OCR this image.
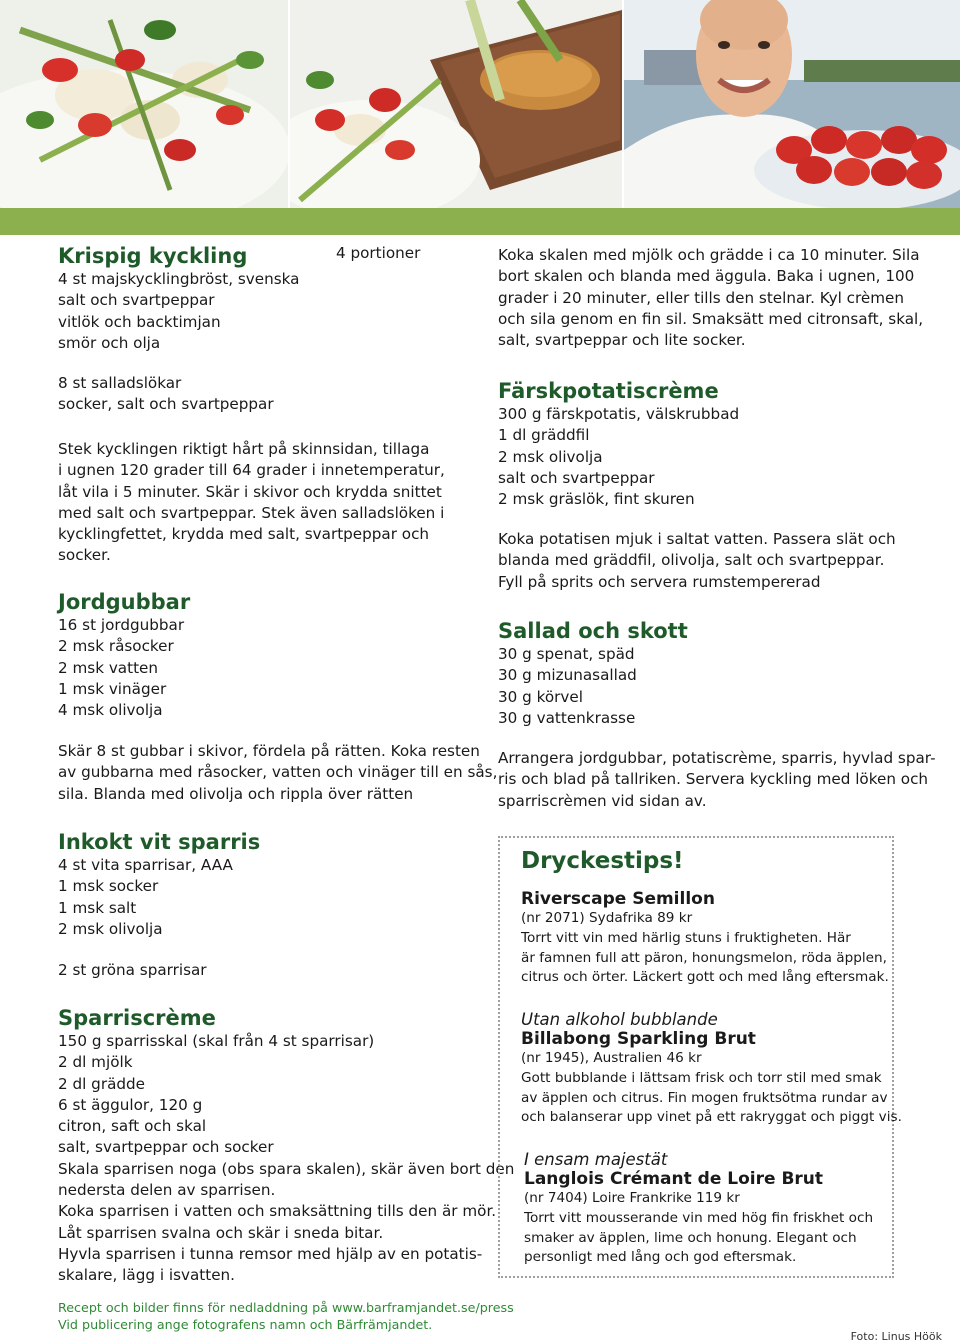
Krispig kyckling	4 portioner
4 st majskycklingbröst, svenska
salt och svartpeppar
vitlök och backtimjan
smör och olja
8 st salladslökar
socker, salt och svartpeppar
Stek kycklingen riktigt hårt på skinnsidan, tillaga
i ugnen 120 grader till 64 grader i innetemperatur,
låt vila i 5 minuter. Skär i skivor och krydda snittet
med salt och svartpeppar. Stek även salladslöken i
kycklingfettet, krydda med salt, svartpeppar och
socker.

Jordgubbar

16 st jordgubbar
2 msk råsocker
2 msk vatten
1 msk vinäger
4 msk olivolja
Skär 8 st gubbar i skivor, fördela på rätten. Koka resten
av gubbarna med råsocker, vatten och vinäger till en sås,
sila. Blanda med olivolja och rippla över rätten

Inkokt vit sparris

4 st vita sparrisar, AAA
1 msk socker
1 msk salt
2 msk olivolja
2 st gröna sparrisar

Sparriscrème

150 g sparrisskal (skal från 4 st sparrisar)
2 dl mjölk
2 dl grädde
6 st äggulor, 120 g
citron, saft och skal
salt, svartpeppar och socker
Skala sparrisen noga (obs spara skalen), skär även bort den
nedersta delen av sparrisen.
Koka sparrisen i vatten och smaksättning tills den är mör.
Låt sparrisen svalna och skär i sneda bitar.
Hyvla sparrisen i tunna remsor med hjälp av en potatis-
skalare, lägg i isvatten.
Koka skalen med mjölk och grädde i ca 10 minuter. Sila
bort skalen och blanda med äggula. Baka i ugnen, 100
grader i 20 minuter, eller tills den stelnar. Kyl crèmen
och sila genom en fin sil. Smaksätt med citronsaft, skal,
salt, svartpeppar och lite socker.

Färskpotatiscrème

300 g färskpotatis, välskrubbad
1 dl gräddfil
2 msk olivolja
salt och svartpeppar
2 msk gräslök, fint skuren
Koka potatisen mjuk i saltat vatten. Passera slät och
blanda med gräddfil, olivolja, salt och svartpeppar.
Fyll på sprits och servera rumstempererad

Sallad och skott

30 g spenat, späd
30 g mizunasallad
30 g körvel
30 g vattenkrasse
Arrangera jordgubbar, potatiscrème, sparris, hyvlad spar-
ris och blad på tallriken. Servera kyckling med löken och
sparriscrèmen vid sidan av.
Dryckestips!
Riverscape Semillon
(nr 2071) Sydafrika 89 kr
Torrt vitt vin med härlig stuns i fruktigheten. Här
är famnen full att päron, honungsmelon, röda äpplen,
citrus och örter. Läckert gott och med lång eftersmak.
Utan alkohol bubblande
Billabong Sparkling Brut
(nr 1945), Australien 46 kr
Gott bubblande i lättsam frisk och torr stil med smak
av äpplen och citrus. Fin mogen fruktsötma rundar av
och balanserar upp vinet på ett rakryggat och piggt vis.
I ensam majestät
Langlois Crémant de Loire Brut
(nr 7404) Loire Frankrike 119 kr
Torrt vitt mousserande vin med hög fin friskhet och
smaker av äpplen, lime och honung. Elegant och
personligt med lång och god eftersmak.
Recept och bilder finns för nedladdning på www.barframjandet.se/press
Vid publicering ange fotografens namn och Bärfrämjandet.
Foto: Linus Höök
